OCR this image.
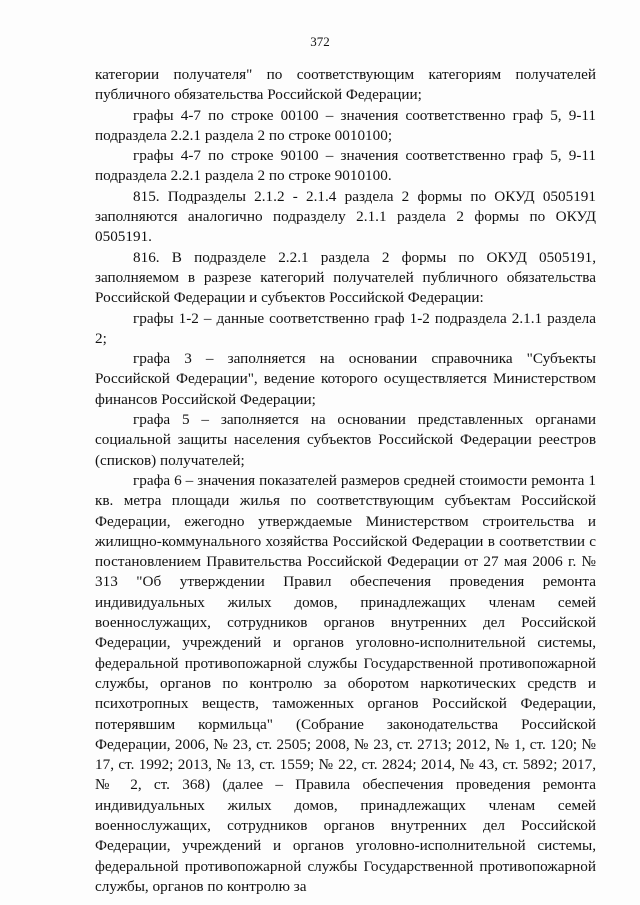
372

категории получателя" по соответствующим категориям получателей публичного обязательства Российской Федерации;

графы 4-7 по строке 00100 – значения соответственно граф 5, 9-11 подраздела 2.2.1 раздела 2 по строке 0010100;

графы 4-7 по строке 90100 – значения соответственно граф 5, 9-11 подраздела 2.2.1 раздела 2 по строке 9010100.

815. Подразделы 2.1.2 - 2.1.4 раздела 2 формы по ОКУД 0505191 заполняются аналогично подразделу 2.1.1 раздела 2 формы по ОКУД 0505191.

816. В подразделе 2.2.1 раздела 2 формы по ОКУД 0505191, заполняемом в разрезе категорий получателей публичного обязательства Российской Федерации и субъектов Российской Федерации:

графы 1-2 – данные соответственно граф 1-2 подраздела 2.1.1 раздела 2;

графа 3 – заполняется на основании справочника "Субъекты Российской Федерации", ведение которого осуществляется Министерством финансов Российской Федерации;

графа 5 – заполняется на основании представленных органами социальной защиты населения субъектов Российской Федерации реестров (списков) получателей;

графа 6 – значения показателей размеров средней стоимости ремонта 1 кв. метра площади жилья по соответствующим субъектам Российской Федерации, ежегодно утверждаемые Министерством строительства и жилищно-коммунального хозяйства Российской Федерации в соответствии с постановлением Правительства Российской Федерации от 27 мая 2006 г. № 313 "Об утверждении Правил обеспечения проведения ремонта индивидуальных жилых домов, принадлежащих членам семей военнослужащих, сотрудников органов внутренних дел Российской Федерации, учреждений и органов уголовно-исполнительной системы, федеральной противопожарной службы Государственной противопожарной службы, органов по контролю за оборотом наркотических средств и психотропных веществ, таможенных органов Российской Федерации, потерявшим кормильца" (Собрание законодательства Российской Федерации, 2006, № 23, ст. 2505; 2008, № 23, ст. 2713; 2012, № 1, ст. 120; № 17, ст. 1992; 2013, № 13, ст. 1559; № 22, ст. 2824; 2014, № 43, ст. 5892; 2017, № 2, ст. 368) (далее – Правила обеспечения проведения ремонта индивидуальных жилых домов, принадлежащих членам семей военнослужащих, сотрудников органов внутренних дел Российской Федерации, учреждений и органов уголовно-исполнительной системы, федеральной противопожарной службы Государственной противопожарной службы, органов по контролю за
